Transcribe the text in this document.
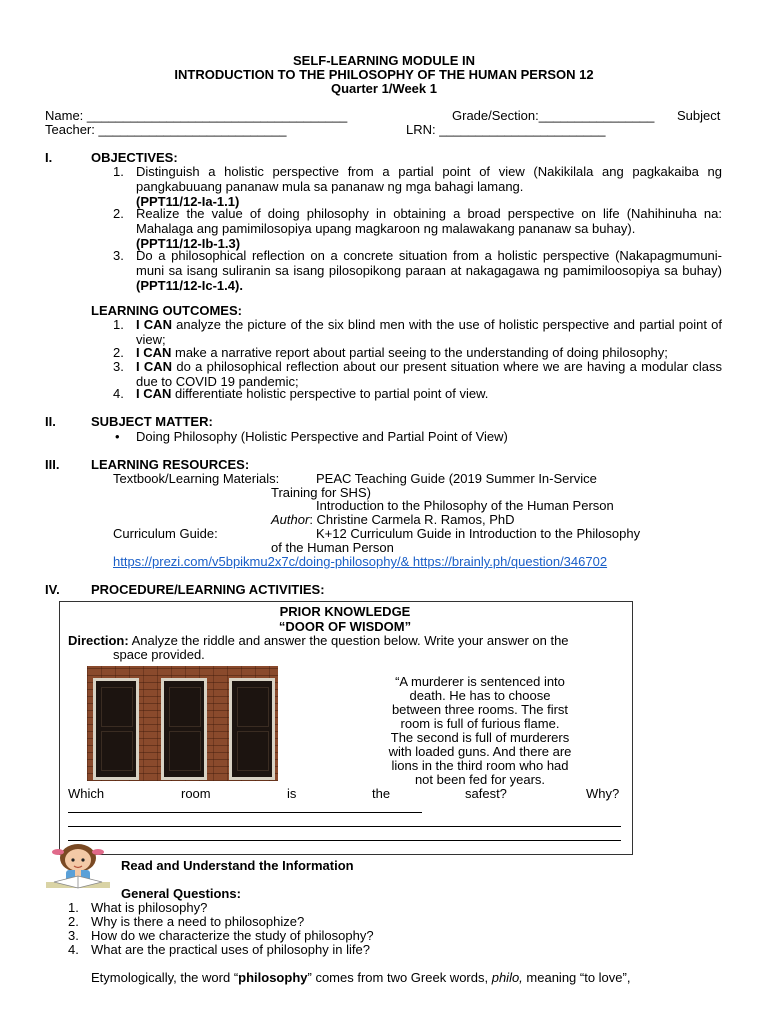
SELF-LEARNING MODULE IN
INTRODUCTION TO THE PHILOSOPHY OF THE HUMAN PERSON 12
Quarter 1/Week 1
Name: ____________________________________	Grade/Section:________________ Subject
Teacher: __________________________	LRN: _______________________
I.	OBJECTIVES:
1. Distinguish a holistic perspective from a partial point of view (Nakikilala ang pagkakaiba ng pangkabuuang pananaw mula sa pananaw ng mga bahagi lamang.
(PPT11/12-Ia-1.1)
2. Realize the value of doing philosophy in obtaining a broad perspective on life (Nahihinuha na: Mahalaga ang pamimilosopiya upang magkaroon ng malawakang pananaw sa buhay).
(PPT11/12-Ib-1.3)
3. Do a philosophical reflection on a concrete situation from a holistic perspective (Nakapagmumuni-muni sa isang suliranin sa isang pilosopikong paraan at nakagagawa ng pamimiloosopiya sa buhay) (PPT11/12-Ic-1.4).
LEARNING OUTCOMES:
1. I CAN analyze the picture of the six blind men with the use of holistic perspective and partial point of view;
2. I CAN make a narrative report about partial seeing to the understanding of doing philosophy;
3. I CAN do a philosophical reflection about our present situation where we are having a modular class due to COVID 19 pandemic;
4. I CAN differentiate holistic perspective to partial point of view.
II.	SUBJECT MATTER:
• Doing Philosophy (Holistic Perspective and Partial Point of View)
III. LEARNING RESOURCES:
Textbook/Learning Materials:	PEAC Teaching Guide (2019 Summer In-Service
Training for SHS)
Introduction to the Philosophy of the Human Person
Author: Christine Carmela R. Ramos, PhD
Curriculum Guide:	K+12 Curriculum Guide in Introduction to the Philosophy
of the Human Person
https://prezi.com/v5bpikmu2x7c/doing-philosophy/& https://brainly.ph/question/346702
IV. PROCEDURE/LEARNING ACTIVITIES:
PRIOR KNOWLEDGE
“DOOR OF WISDOM”
Direction: Analyze the riddle and answer the question below. Write your answer on the
space provided.
“A murderer is sentenced into
death. He has to choose
between three rooms. The first
room is full of furious flame.
The second is full of murderers
with loaded guns. And there are
lions in the third room who had
not been fed for years.
Which	room	is	the	safest?	Why?
Read and Understand the Information
General Questions:
1. What is philosophy?
2. Why is there a need to philosophize?
3. How do we characterize the study of philosophy?
4. What are the practical uses of philosophy in life?
Etymologically, the word “philosophy” comes from two Greek words, philo, meaning “to love”,
